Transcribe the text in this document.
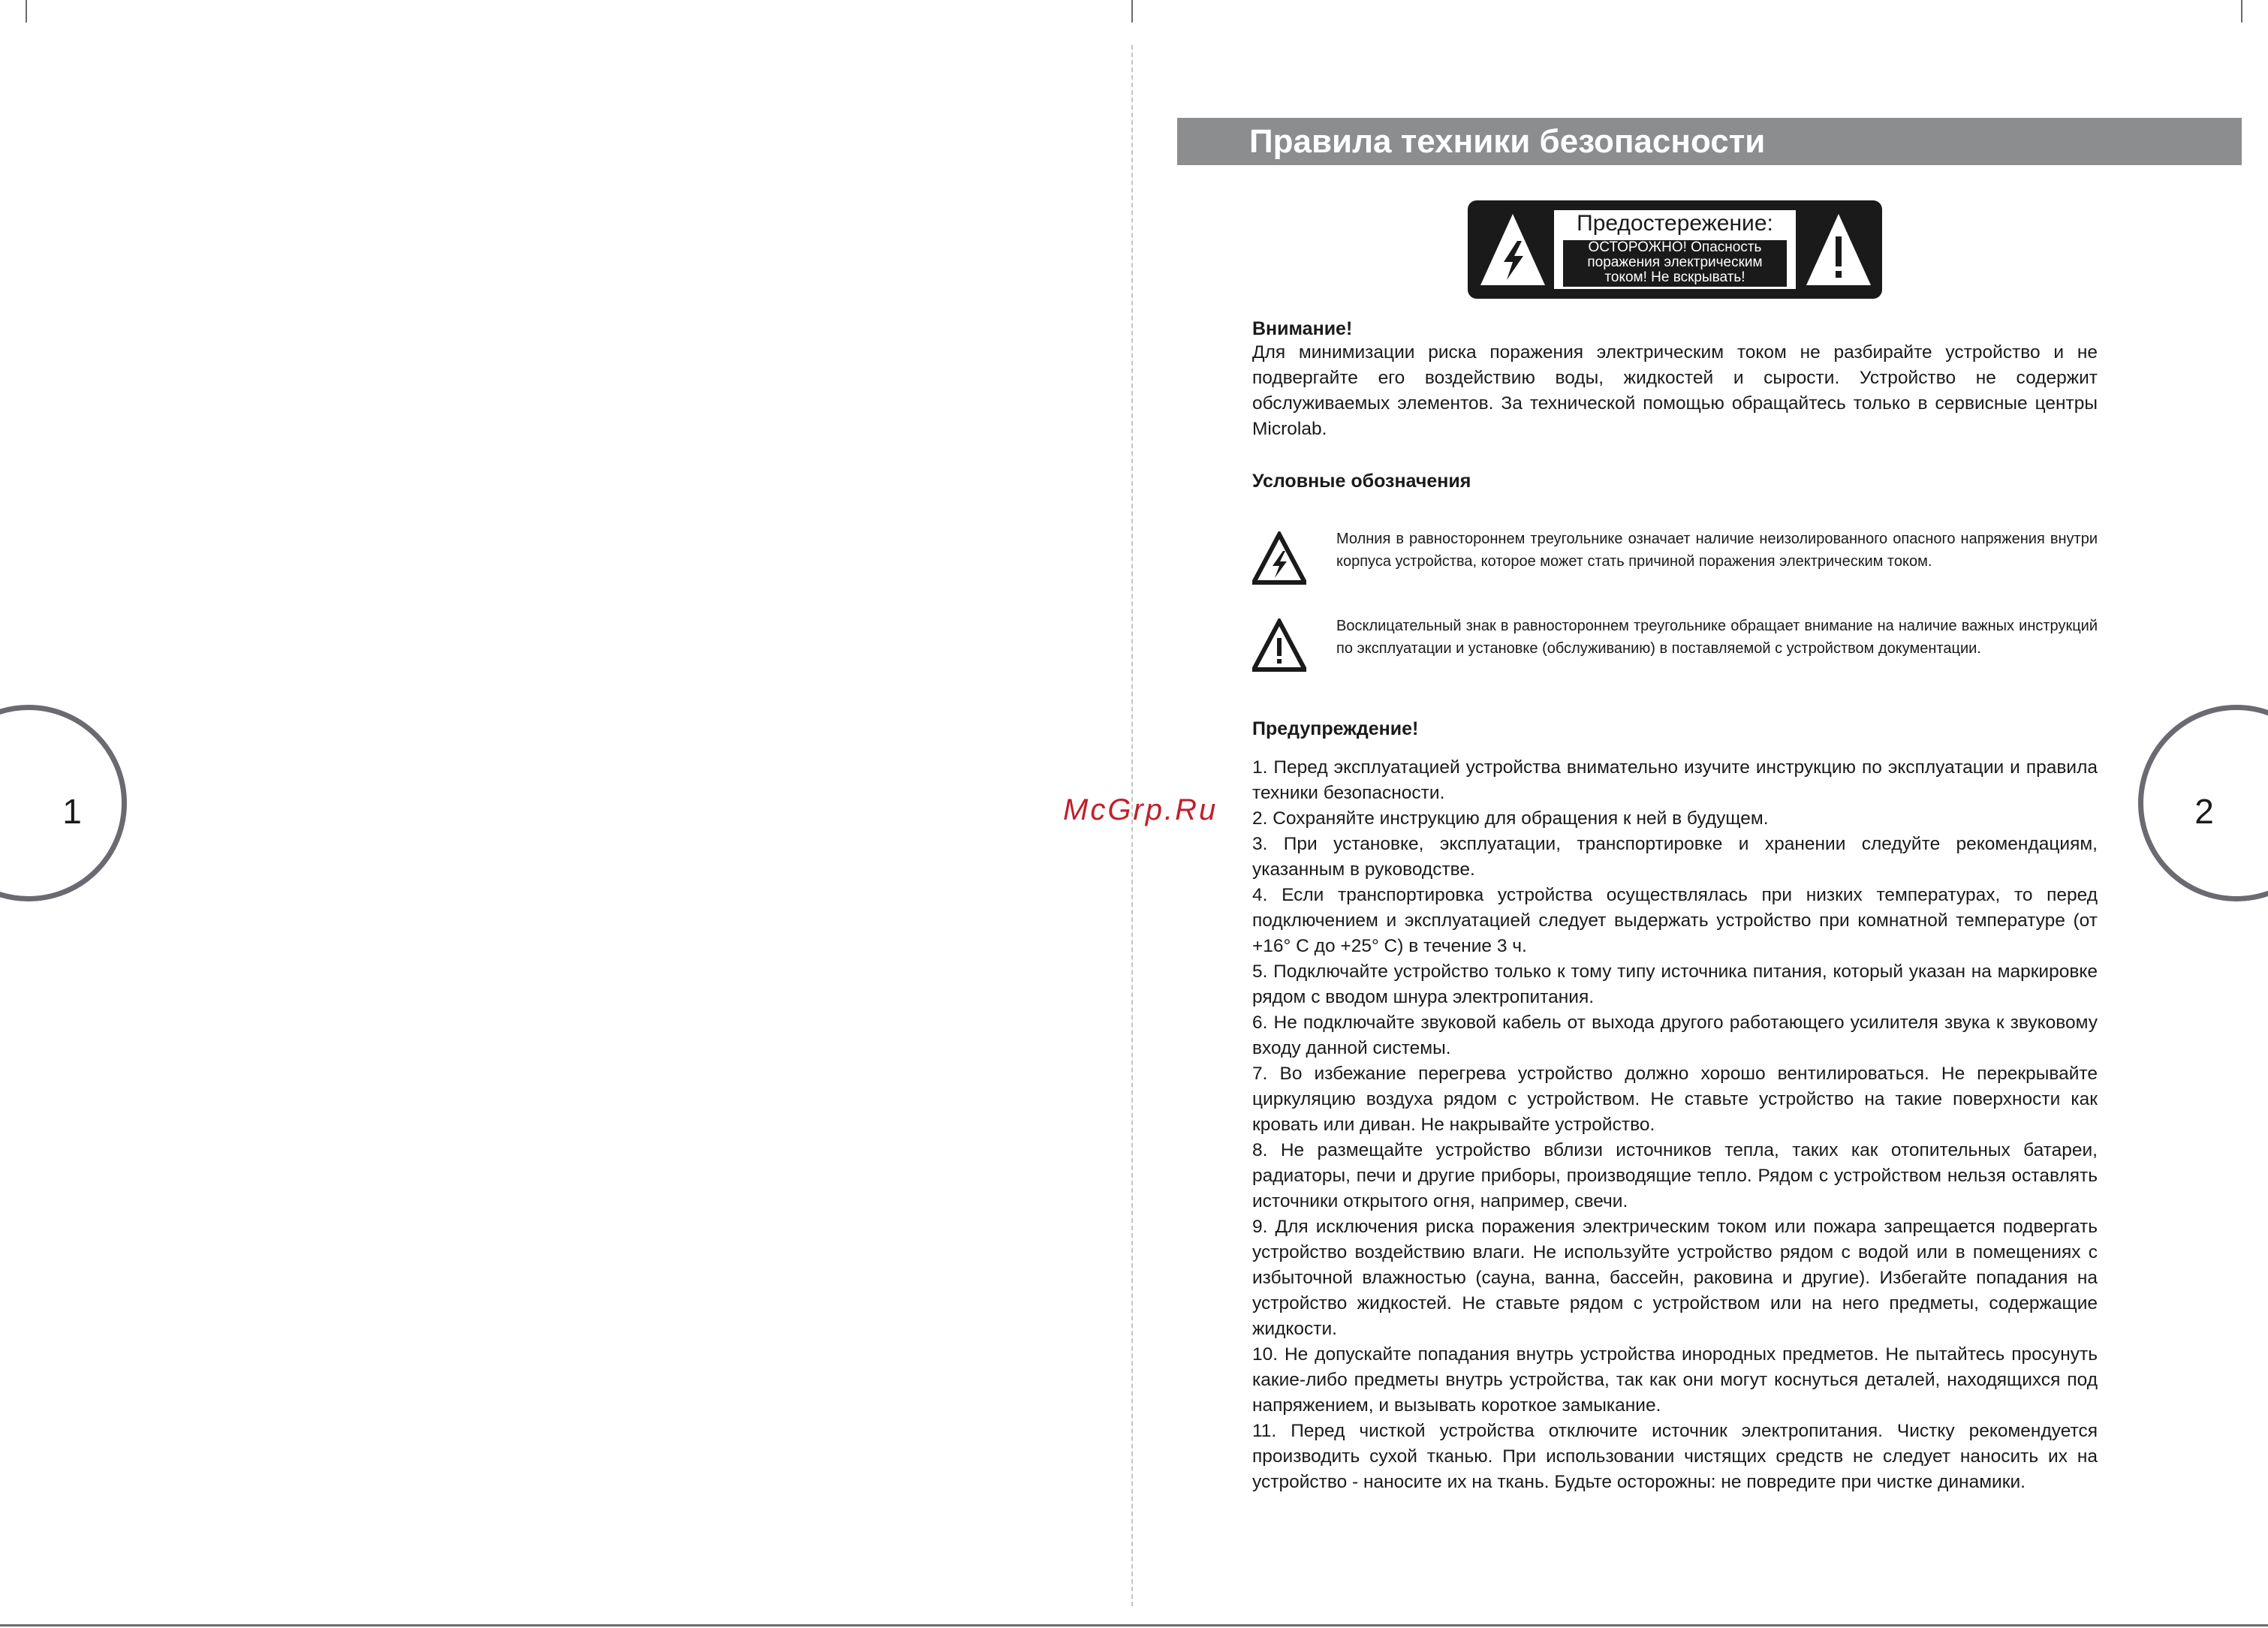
1	2
McGrp.Ru
Правила техники безопасности
Предостережение:
ОСТОРОЖНО! Опасность
поражения электрическим
током! Не вскрывать!
Внимание!
Для минимизации риска поражения электрическим током не разбирайте устройство и не подвергайте его воздействию воды, жидкостей и сырости. Устройство не содержит обслуживаемых элементов. За технической помощью обращайтесь только в сервисные центры Microlab.
Условные обозначения
Молния в равностороннем треугольнике означает наличие неизолированного опасного напряжения внутри корпуса устройства, которое может стать причиной поражения электрическим током.
Восклицательный знак в равностороннем треугольнике обращает внимание на наличие важных инструкций по эксплуатации и установке (обслуживанию) в поставляемой с устройством документации.
Предупреждение!
1. Перед эксплуатацией устройства внимательно изучите инструкцию по эксплуатации и правила техники безопасности.
2. Сохраняйте инструкцию для обращения к ней в будущем.
3. При установке, эксплуатации, транспортировке и хранении следуйте рекомендациям, указанным в руководстве.
4. Если транспортировка устройства осуществлялась при низких температурах, то перед подключением и эксплуатацией следует выдержать устройство при комнатной температуре (от +16° С до +25° С) в течение 3 ч.
5. Подключайте устройство только к тому типу источника питания, который указан на маркировке рядом с вводом шнура электропитания.
6. Не подключайте звуковой кабель от выхода другого работающего усилителя звука к звуковому входу данной системы.
7. Во избежание перегрева устройство должно хорошо вентилироваться. Не перекрывайте циркуляцию воздуха рядом с устройством. Не ставьте устройство на такие поверхности как кровать или диван. Не накрывайте устройство.
8. Не размещайте устройство вблизи источников тепла, таких как отопительных батареи, радиаторы, печи и другие приборы, производящие тепло. Рядом с устройством нельзя оставлять источники открытого огня, например, свечи.
9. Для исключения риска поражения электрическим током или пожара запрещается подвергать устройство воздействию влаги. Не используйте устройство рядом с водой или в помещениях с избыточной влажностью (сауна, ванна, бассейн, раковина и другие). Избегайте попадания на устройство жидкостей. Не ставьте рядом с устройством или на него предметы, содержащие жидкости.
10. Не допускайте попадания внутрь устройства инородных предметов. Не пытайтесь просунуть какие-либо предметы внутрь устройства, так как они могут коснуться деталей, находящихся под напряжением, и вызывать короткое замыкание.
11. Перед чисткой устройства отключите источник электропитания. Чистку рекомендуется производить сухой тканью. При использовании чистящих средств не следует наносить их на устройство - наносите их на ткань. Будьте осторожны: не повредите при чистке динамики.
